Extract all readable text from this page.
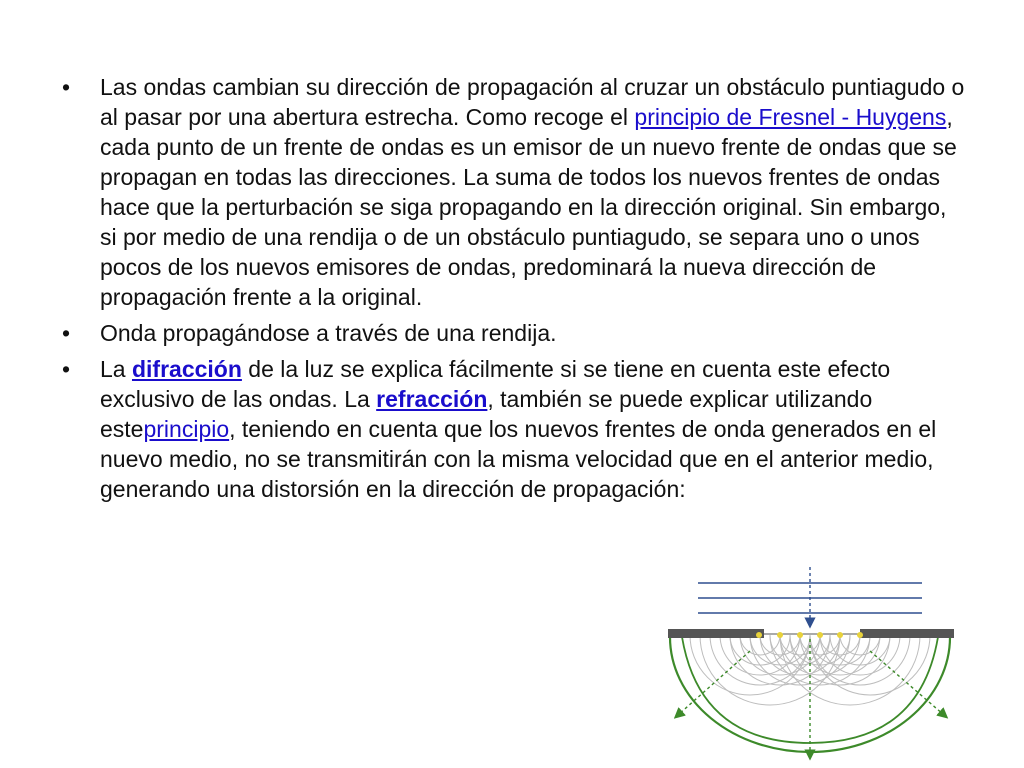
• Las ondas cambian su dirección de propagación al cruzar un obstáculo puntiagudo o al pasar por una abertura estrecha. Como recoge el principio de Fresnel - Huygens, cada punto de un frente de ondas es un emisor de un nuevo frente de ondas que se propagan en todas las direcciones. La suma de todos los nuevos frentes de ondas hace que la perturbación se siga propagando en la dirección original. Sin embargo, si por medio de una rendija o de un obstáculo puntiagudo, se separa uno o unos pocos de los nuevos emisores de ondas, predominará la nueva dirección de propagación frente a la original.
• Onda propagándose a través de una rendija.
• La difracción de la luz se explica fácilmente si se tiene en cuenta este efecto exclusivo de las ondas. La refracción, también se puede explicar utilizando esteprincipio, teniendo en cuenta que los nuevos frentes de onda generados en el nuevo medio, no se transmitirán con la misma velocidad que en el anterior medio, generando una distorsión en la dirección de propagación:
